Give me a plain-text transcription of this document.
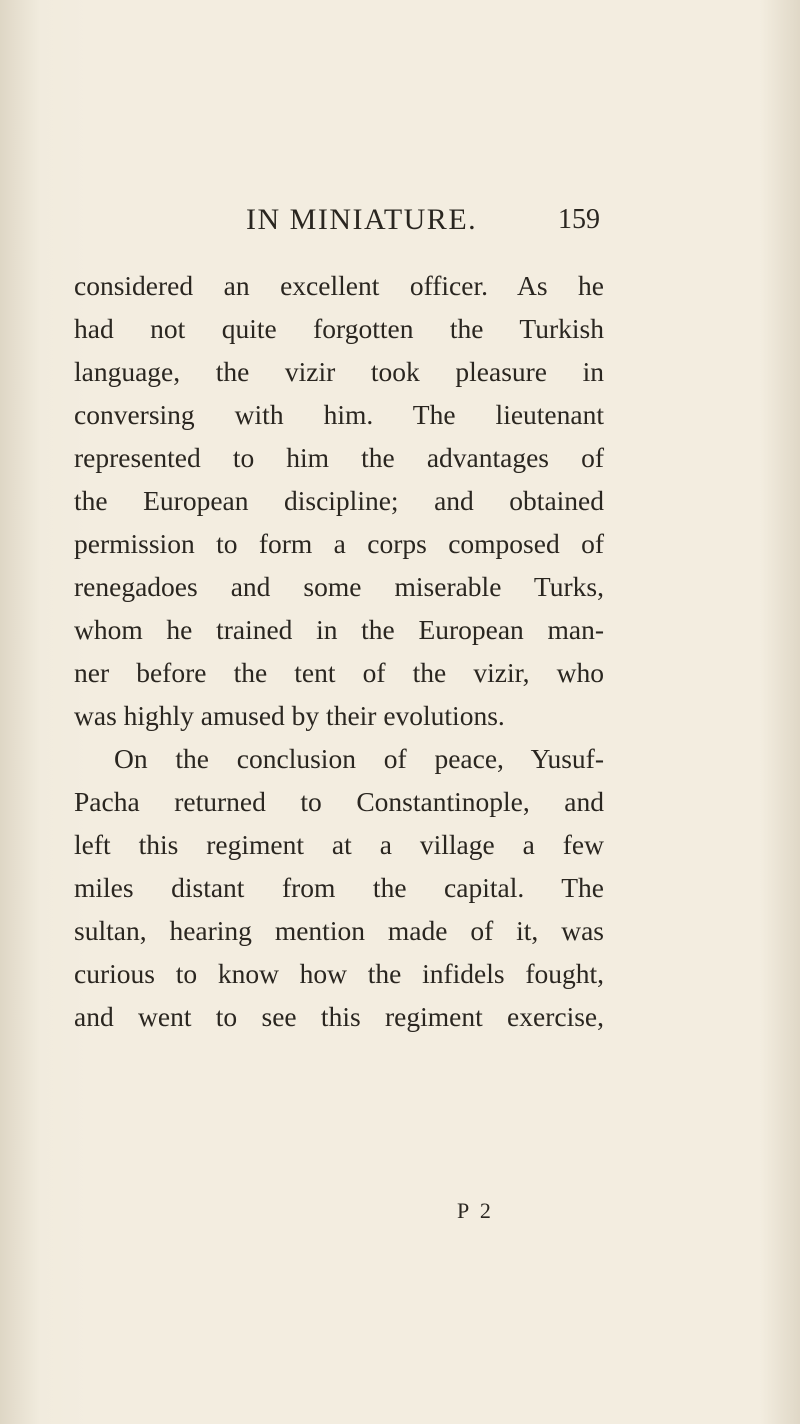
IN MINIATURE.	159
considered an excellent officer. As he
had not quite forgotten the Turkish
language, the vizir took pleasure in
conversing with him. The lieutenant
represented to him the advantages of
the European discipline; and obtained
permission to form a corps composed of
renegadoes and some miserable Turks,
whom he trained in the European man-
ner before the tent of the vizir, who
was highly amused by their evolutions.
On the conclusion of peace, Yusuf-
Pacha returned to Constantinople, and
left this regiment at a village a few
miles distant from the capital. The
sultan, hearing mention made of it, was
curious to know how the infidels fought,
and went to see this regiment exercise,
P 2
